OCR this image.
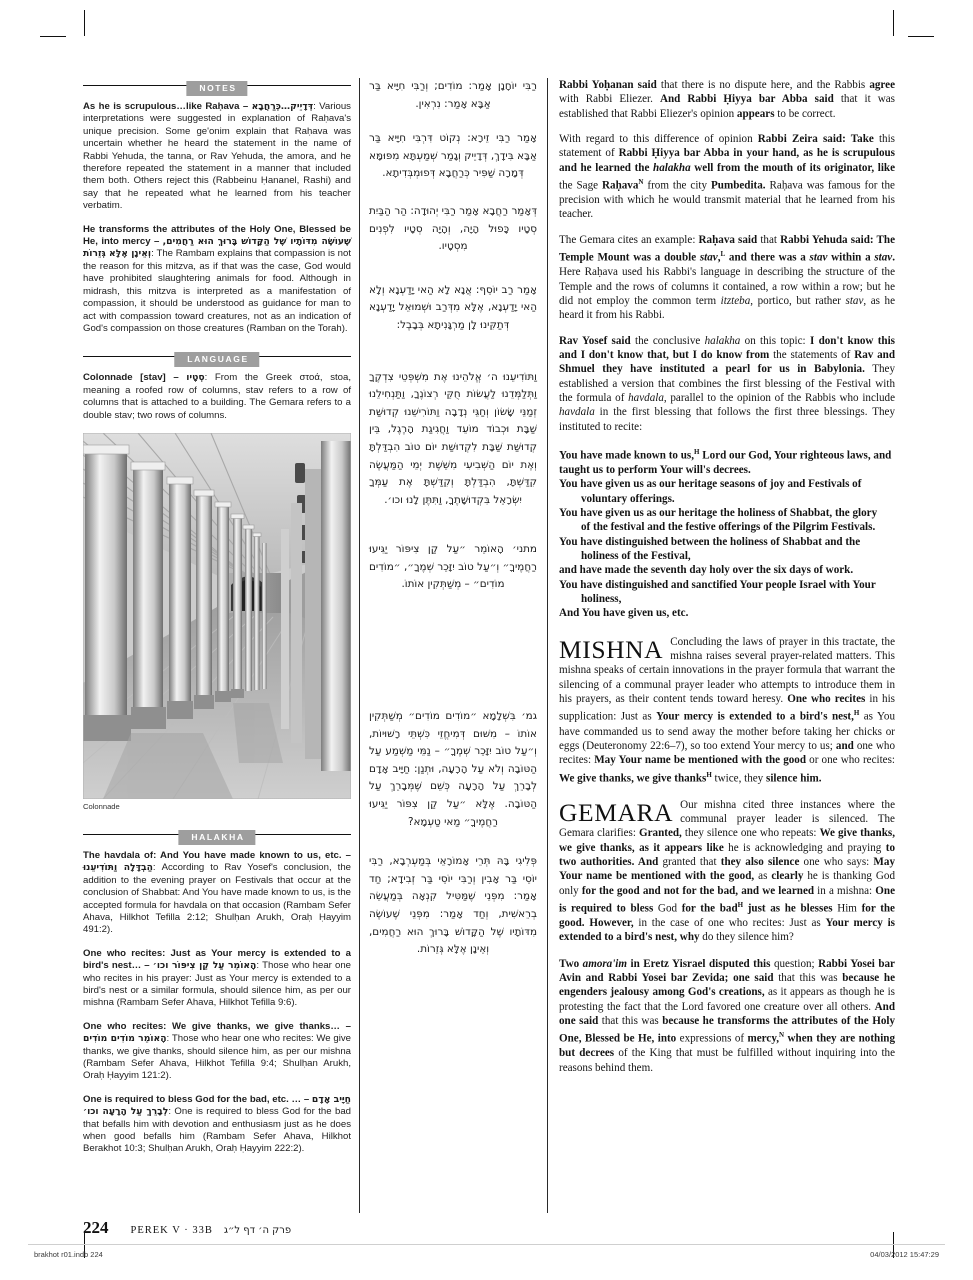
NOTES
As he is scrupulous…like Raḥava – דְּדָיֵיק…כְּרַחֲבָא: Various interpretations were suggested in explanation of Raḥava's unique precision. Some ge'onim explain that Raḥava was uncertain whether he heard the statement in the name of Rabbi Yehuda, the tanna, or Rav Yehuda, the amora, and he therefore repeated the statement in a manner that included them both. Others reject this (Rabbeinu Ḥananel, Rashi) and say that he repeated what he learned from his teacher verbatim.
He transforms the attributes of the Holy One, Blessed be He, into mercy – שֶׁעוֹשֶׂה מִדּוֹתָיו שֶׁל הַקָּדוֹשׁ בָּרוּךְ הוּא רַחֲמִים, וְאֵינָן אֶלָּא גְּזֵרוֹת: The Rambam explains that compassion is not the reason for this mitzva, as if that was the case, God would have prohibited slaughtering animals for food. Although in midrash, this mitzva is interpreted as a manifestation of compassion, it should be understood as guidance for man to act with compassion toward creatures, not as an indication of God's compassion on those creatures (Ramban on the Torah).
LANGUAGE
Colonnade [stav] – סְטָיו: From the Greek στοά, stoa, meaning a roofed row of columns, stav refers to a row of columns that is attached to a building. The Gemara refers to a double stav; two rows of columns.
Colonnade
HALAKHA
The havdala of: And You have made known to us, etc. – הַבְדָּלָה וַתּוֹדִיעֵנוּ: According to Rav Yosef's conclusion, the addition to the evening prayer on Festivals that occur at the conclusion of Shabbat: And You have made known to us, is the accepted formula for havdala on that occasion (Rambam Sefer Ahava, Hilkhot Tefilla 2:12; Shulḥan Arukh, Oraḥ Ḥayyim 491:2).
One who recites: Just as Your mercy is extended to a bird's nest… – הָאוֹמֵר עַל קַן צִיפּוֹר וכו׳: Those who hear one who recites in his prayer: Just as Your mercy is extended to a bird's nest or a similar formula, should silence him, as per our mishna (Rambam Sefer Ahava, Hilkhot Tefilla 9:6).
One who recites: We give thanks, we give thanks… – הָאוֹמֵר מוֹדִים מוֹדִים: Those who hear one who recites: We give thanks, we give thanks, should silence him, as per our mishna (Rambam Sefer Ahava, Hilkhot Tefilla 9:4; Shulḥan Arukh, Oraḥ Ḥayyim 121:2).
One is required to bless God for the bad, etc. … – חַיָּיב אָדָם לְבָרֵךְ עַל הָרָעָה וכו׳: One is required to bless God for the bad that befalls him with devotion and enthusiasm just as he does when good befalls him (Rambam Sefer Ahava, Hilkhot Berakhot 10:3; Shulḥan Arukh, Oraḥ Ḥayyim 222:2).

רַבִּי יוֹחָנָן אָמַר: מוֹדִים; וְרַבִּי חִיָּיא בַּר אַבָּא אָמַר: נִרְאִין.

אָמַר רַבִּי זֵירָא: נְקוֹט דִּרְבִּי חִיָּיא בַּר אַבָּא בִּידָךְ, דְּדָיֵיק וְגָמַר שְׁמַעְתָּא מִפּוּמָּא דְּמָרָה שַׁפִּיר כְּרַחֲבָא דְּפוּמְבְּדִיתָא.

דְּאָמַר רַחֲבָא אָמַר רַבִּי יְהוּדָה: הַר הַבַּיִת סְטָיו כָּפוּל הָיָה, וְהָיָה סְטָיו לִפְנִים מִסְטָיו.

אָמַר רַב יוֹסֵף: אֲנָא לָא הַאי יָדַעְנָא וְלָא הַאי יָדַעְנָא, אֶלָּא מִדְּרַב וּשְׁמוּאֵל יָדַעְנָא דְּתַקִּינוּ לָן מַרְגָּנִיתָא בְּבָבֶל:

וַתּוֹדִיעֵנוּ ה׳ אֱלֹהֵינוּ אֶת מִשְׁפְּטֵי צִדְקֶךָ וַתְּלַמְּדֵנוּ לַעֲשׂוֹת חֻקֵּי רְצוֹנֶךָ, וַתַּנְחִילֵנוּ זְמַנֵּי שָׂשׂוֹן וְחַגֵּי נְדָבָה וַתּוֹרִישֵׁנוּ קְדוּשַּׁת שַׁבָּת וּכְבוֹד מוֹעֵד וַחֲגִיגַת הָרֶגֶל, בֵּין קְדוּשַּׁת שַׁבָּת לִקְדוּשַּׁת יוֹם טוֹב הִבְדַּלְתָּ וְאֶת יוֹם הַשְּׁבִיעִי מִשֵּׁשֶׁת יְמֵי הַמַּעֲשֶׂה קִדַּשְׁתָּ, הִבְדַּלְתָּ וְקִדַּשְׁתָּ אֶת עַמְּךָ יִשְׂרָאֵל בִּקְדוּשָּׁתֶךָ, וַתִּתֶּן לָנוּ וכו׳.

מתני׳ הָאוֹמֵר ״עַל קַן צִיפּוֹר יַגִּיעוּ רַחֲמֶיךָ״ וְ״עַל טוֹב יִזָּכֵר שְׁמֶךָ״, ״מוֹדִים מוֹדִים״ – מְשַׁתְּקִין אוֹתוֹ.

גמ׳ בִּשְׁלָמָא ״מוֹדִים מוֹדִים״ מְשַׁתְּקִין אוֹתוֹ – מִשּׁוּם דְּמִיחֱזֵי כִּשְׁתֵּי רָשׁוּיוֹת, וְ״עַל טוֹב יִזָּכֵר שְׁמֶךָ״ – נַמֵּי מַשְׁמַע עַל הַטּוֹבָה וְלֹא עַל הָרָעָה, וּתְנַן: חַיָּיב אָדָם לְבָרֵךְ עַל הָרָעָה כְּשֵׁם שֶׁמְּבָרֵךְ עַל הַטּוֹבָה. אֶלָּא ״עַל קַן צִפּוֹר יַגִּיעוּ רַחֲמֶיךָ״ מַאי טַעְמָא?

פְּלִיגִי בָּהּ תְּרֵי אָמוֹרָאֵי בְּמַעְרְבָא, רַבִּי יוֹסֵי בַּר אָבִין וְרַבִּי יוֹסֵי בַּר זְבִידָא; חַד אָמַר: מִפְּנֵי שֶׁמַּטִּיל קִנְאָה בְּמַעֲשֵׂה בְרֵאשִׁית, וְחַד אָמַר: מִפְּנֵי שֶׁעוֹשֶׂה מִדּוֹתָיו שֶׁל הַקָּדוֹשׁ בָּרוּךְ הוּא רַחֲמִים, וְאֵינָן אֶלָּא גְּזֵרוֹת.

Rabbi Yoḥanan said that there is no dispute here, and the Rabbis agree with Rabbi Eliezer. And Rabbi Ḥiyya bar Abba said that it was established that Rabbi Eliezer's opinion appears to be correct.

With regard to this difference of opinion Rabbi Zeira said: Take this statement of Rabbi Ḥiyya bar Abba in your hand, as he is scrupulous and he learned the halakha well from the mouth of its originator, like the Sage Raḥava$^N$ from the city Pumbedita. Raḥava was famous for the precision with which he would transmit material that he learned from his teacher.

The Gemara cites an example: Raḥava said that Rabbi Yehuda said: The Temple Mount was a double stav,$^L$ and there was a stav within a stav. Here Raḥava used his Rabbi's language in describing the structure of the Temple and the rows of columns it contained, a row within a row; but he did not employ the common term itzteba, portico, but rather stav, as he heard it from his Rabbi.

Rav Yosef said the conclusive halakha on this topic: I don't know this and I don't know that, but I do know from the statements of Rav and Shmuel they have instituted a pearl for us in Babylonia. They established a version that combines the first blessing of the Festival with the formula of havdala, parallel to the opinion of the Rabbis who include havdala in the first blessing that follows the first three blessings. They instituted to recite:

You have made known to us,$^H$ Lord our God, Your righteous laws, and taught us to perform Your will's decrees.
You have given us as our heritage seasons of joy and Festivals of
voluntary offerings.
You have given us as our heritage the holiness of Shabbat, the glory
of the festival and the festive offerings of the Pilgrim Festivals.
You have distinguished between the holiness of Shabbat and the
holiness of the Festival,
and have made the seventh day holy over the six days of work.
You have distinguished and sanctified Your people Israel with Your
holiness,
And You have given us, etc.
MISHNA Concluding the laws of prayer in this tractate, the mishna raises several prayer-related matters. This mishna speaks of certain innovations in the prayer formula that warrant the silencing of a communal prayer leader who attempts to introduce them in his prayers, as their content tends toward heresy. One who recites in his supplication: Just as Your mercy is extended to a bird's nest,$^H$ as You have commanded us to send away the mother before taking her chicks or eggs (Deuteronomy 22:6–7), so too extend Your mercy to us; and one who recites: May Your name be mentioned with the good or one who recites: We give thanks, we give thanks$^H$ twice, they silence him.

GEMARA Our mishna cited three instances where the communal prayer leader is silenced. The Gemara clarifies: Granted, they silence one who repeats: We give thanks, we give thanks, as it appears like he is acknowledging and praying to two authorities. And granted that they also silence one who says: May Your name be mentioned with the good, as clearly he is thanking God only for the good and not for the bad, and we learned in a mishna: One is required to bless God for the bad$^H$ just as he blesses Him for the good. However, in the case of one who recites: Just as Your mercy is extended to a bird's nest, why do they silence him?

Two amora'im in Eretz Yisrael disputed this question; Rabbi Yosei bar Avin and Rabbi Yosei bar Zevida; one said that this was because he engenders jealousy among God's creations, as it appears as though he is protesting the fact that the Lord favored one creature over all others. And one said that this was because he transforms the attributes of the Holy One, Blessed be He, into expressions of mercy,$^N$ when they are nothing but decrees of the King that must be fulfilled without inquiring into the reasons behind them.

224 PEREK V · 33B פרק ה׳ דף ל״ג
brakhot r01.indb 224	04/03/2012 15:47:29
